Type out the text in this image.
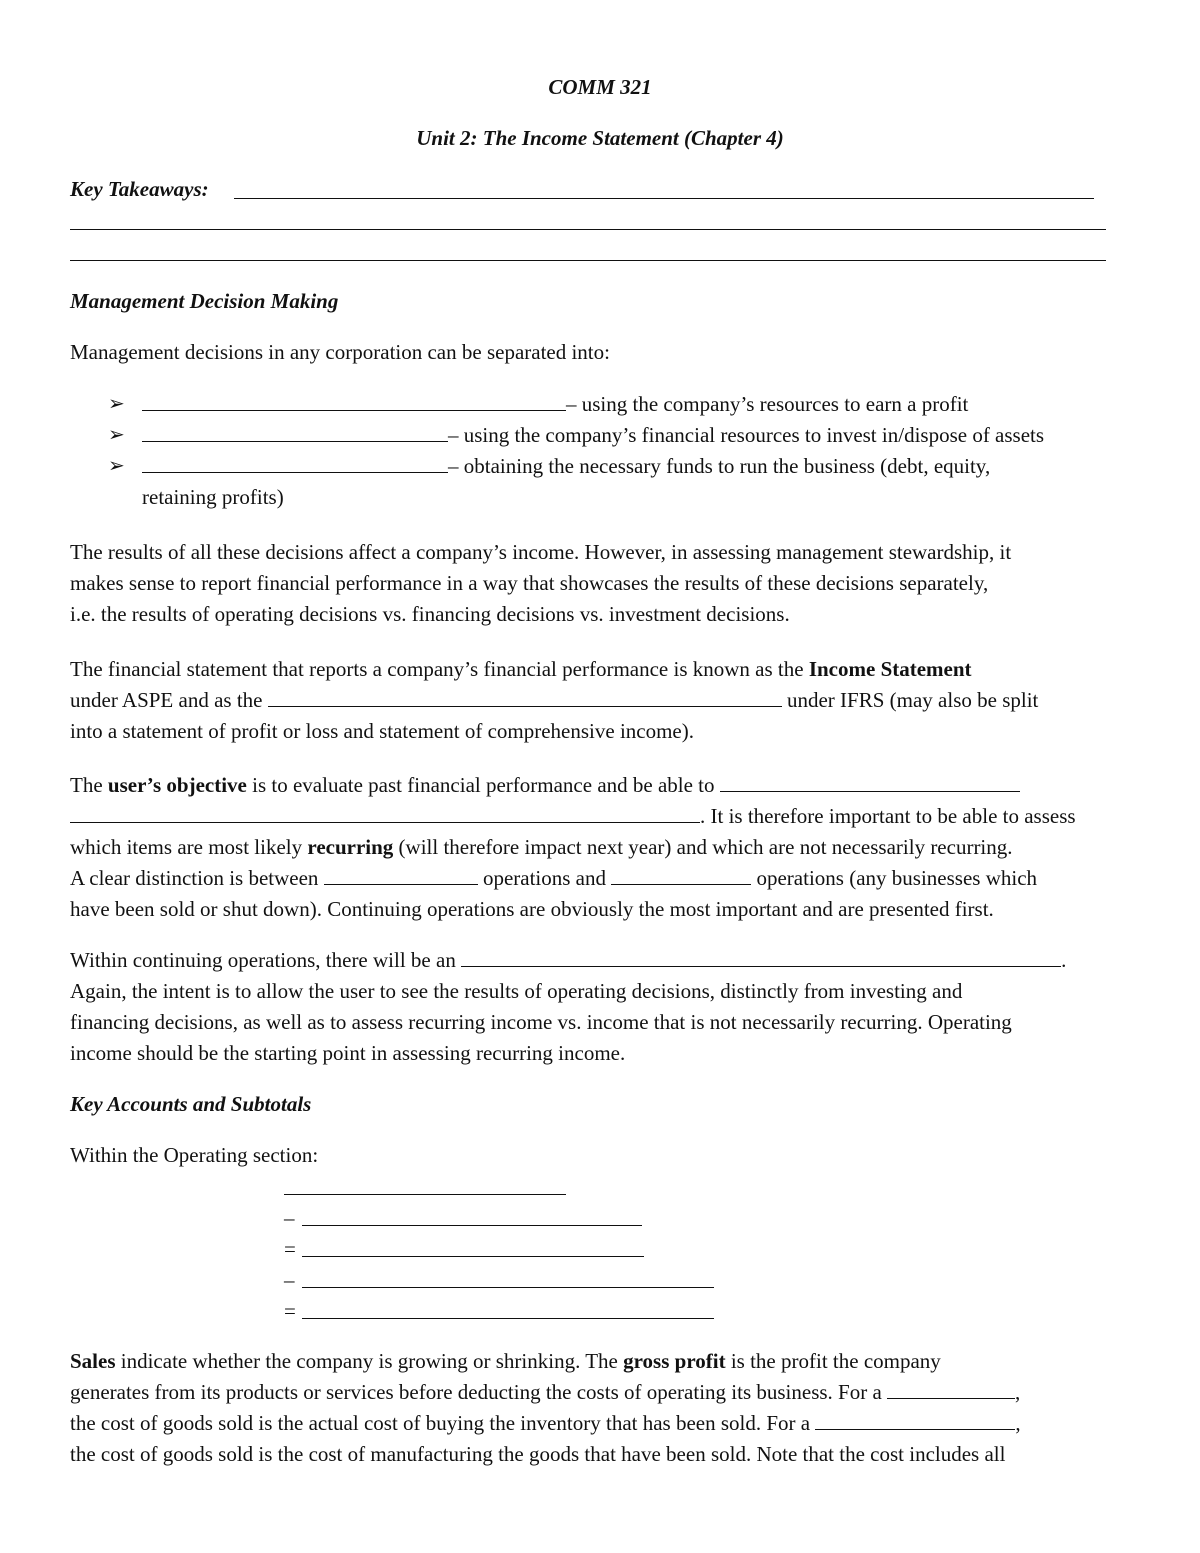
COMM 321
Unit 2: The Income Statement (Chapter 4)
Key Takeaways:
Management Decision Making
Management decisions in any corporation can be separated into:
➢	– using the company’s resources to earn a profit
➢	– using the company’s financial resources to invest in/dispose of assets
➢	– obtaining the necessary funds to run the business (debt, equity,
retaining profits)
The results of all these decisions affect a company’s income. However, in assessing management stewardship, it
makes sense to report financial performance in a way that showcases the results of these decisions separately,
i.e. the results of operating decisions vs. financing decisions vs. investment decisions.
The financial statement that reports a company’s financial performance is known as the Income Statement
under ASPE and as the	under IFRS (may also be split
into a statement of profit or loss and statement of comprehensive income).
The user’s objective is to evaluate past financial performance and be able to
. It is therefore important to be able to assess
which items are most likely recurring (will therefore impact next year) and which are not necessarily recurring.
A clear distinction is between	operations and	operations (any businesses which
have been sold or shut down). Continuing operations are obviously the most important and are presented first.
Within continuing operations, there will be an	.
Again, the intent is to allow the user to see the results of operating decisions, distinctly from investing and
financing decisions, as well as to assess recurring income vs. income that is not necessarily recurring. Operating
income should be the starting point in assessing recurring income.
Key Accounts and Subtotals
Within the Operating section:
–
=
–
=
Sales indicate whether the company is growing or shrinking. The gross profit is the profit the company
generates from its products or services before deducting the costs of operating its business. For a	,
the cost of goods sold is the actual cost of buying the inventory that has been sold. For a	,
the cost of goods sold is the cost of manufacturing the goods that have been sold. Note that the cost includes all
